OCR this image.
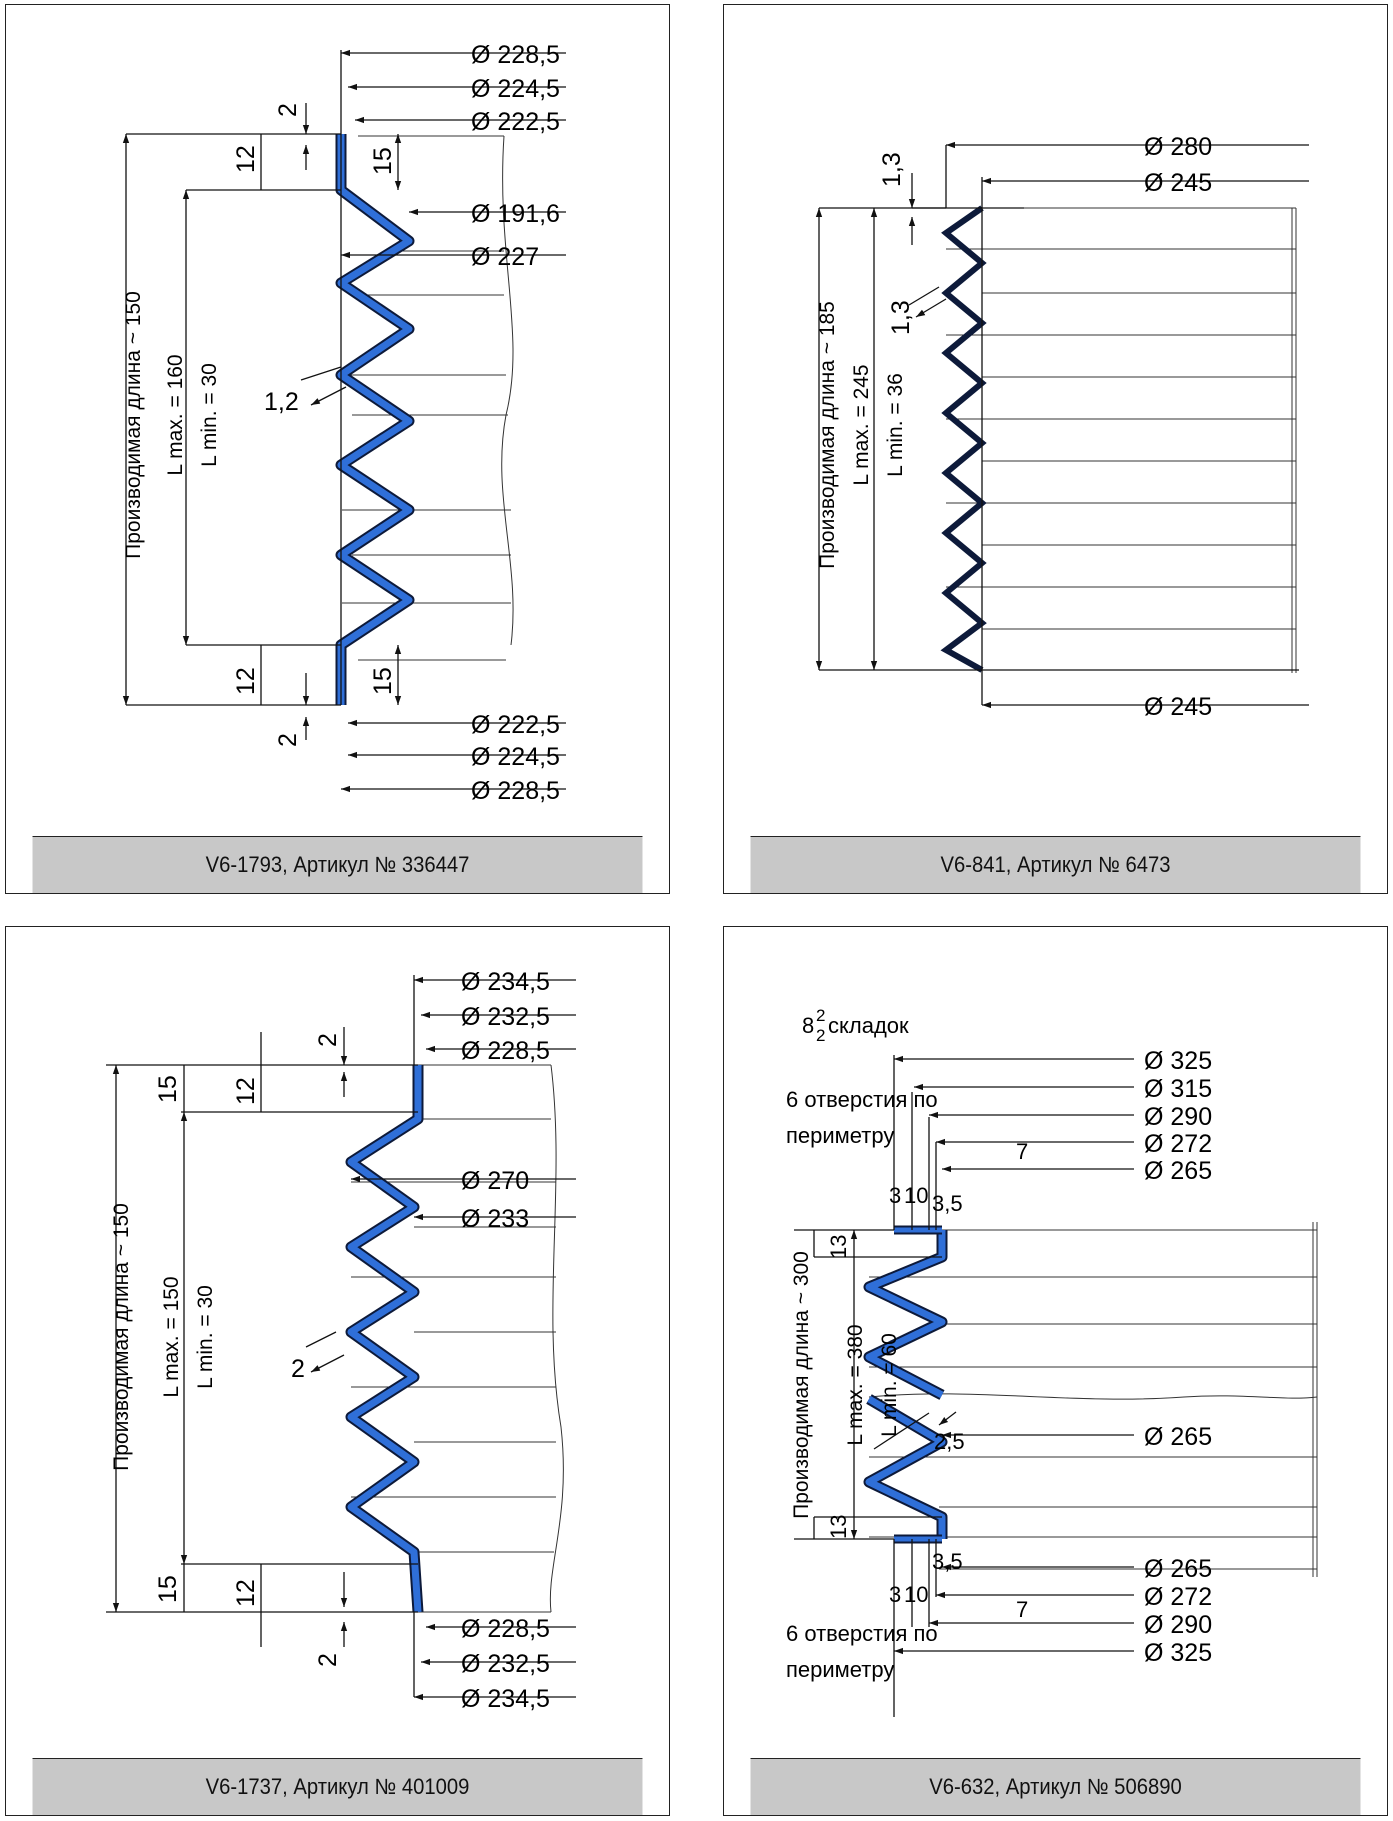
Ø 228,5
Ø 224,5
Ø 222,5
Ø 191,6
Ø 227
Ø 222,5
Ø 224,5
Ø 228,5
1,2
2
12	15
12	15
2
Производимая длина ~ 150 L max. = 160 L min. = 30
V6-1793, Артикул № 336447
Ø 280
Ø 245
Ø 245
1,3
1,3
Производимая длина ~ 185 L max. = 245 L min. = 36
V6-841, Артикул № 6473
Ø 234,5
Ø 232,5
Ø 228,5
Ø 270
Ø 233
Ø 228,5
Ø 232,5
Ø 234,5
2
2
12
15
15 12
2
Производимая длина ~ 150 L max. = 150 L min. = 30
V6-1737, Артикул № 401009
8 2
2 складок
6 отверстия по
периметру
6 отверстия по
периметру
Ø 325
Ø 315
Ø 290
Ø 272
Ø 265
Ø 265
Ø 265
Ø 272
Ø 290
Ø 325
3 10 3,5
7
13
2,5
13
3,5
3 10
7
Производимая длина ~ 300 L max. = 380 L min. = 60
V6-632, Артикул № 506890
